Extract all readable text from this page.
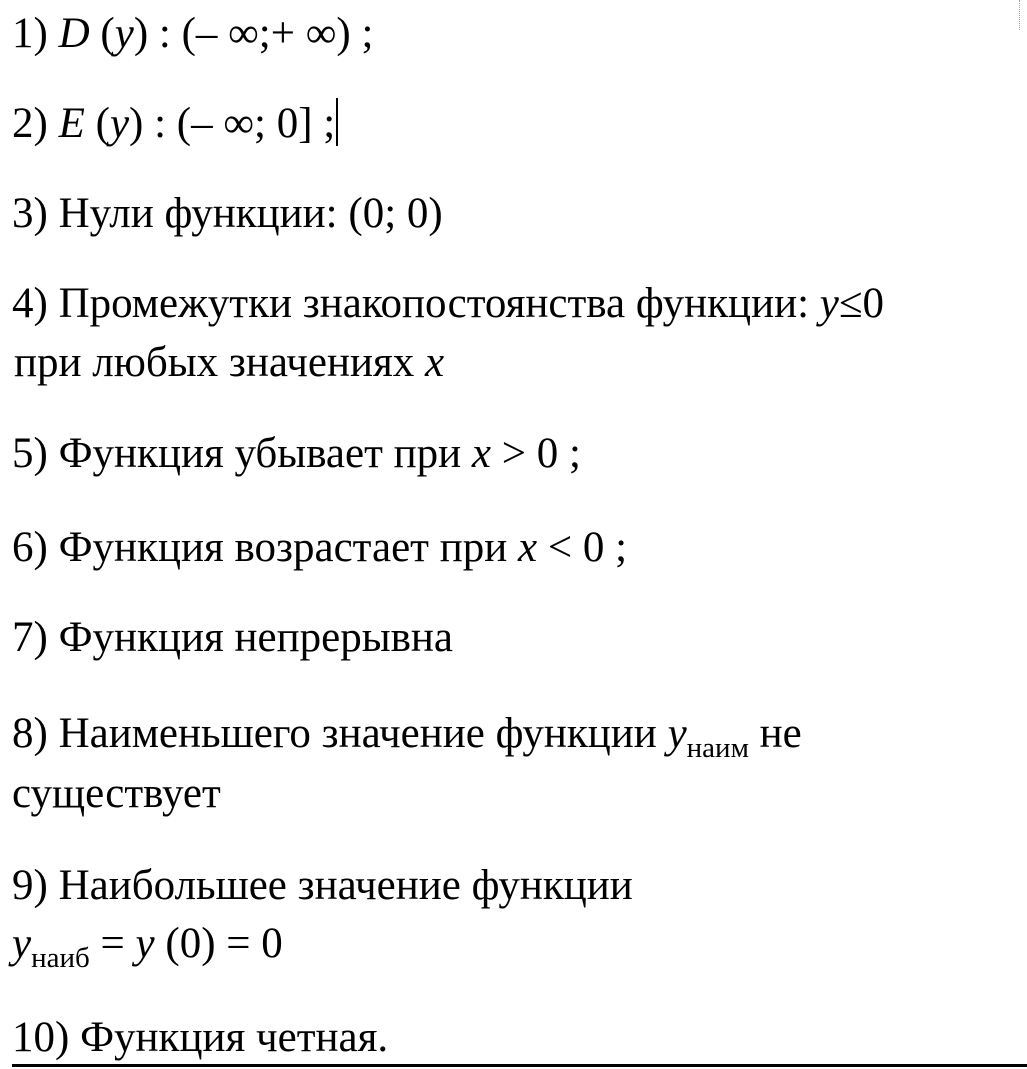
1) D (y) : (– ∞;+ ∞) ;
2) E (y) : (– ∞; 0] ;
3) Нули функции: (0; 0)
4) Промежутки знакопостоянства функции: y≤0
при любых значениях x
5) Функция убывает при x > 0 ;
6) Функция возрастает при x < 0 ;
7) Функция непрерывна
8) Наименьшего значение функции $y_{наим}$ не
существует
9) Наибольшее значение функции
$y_{наиб} = y$ (0) = 0
10) Функция четная.
